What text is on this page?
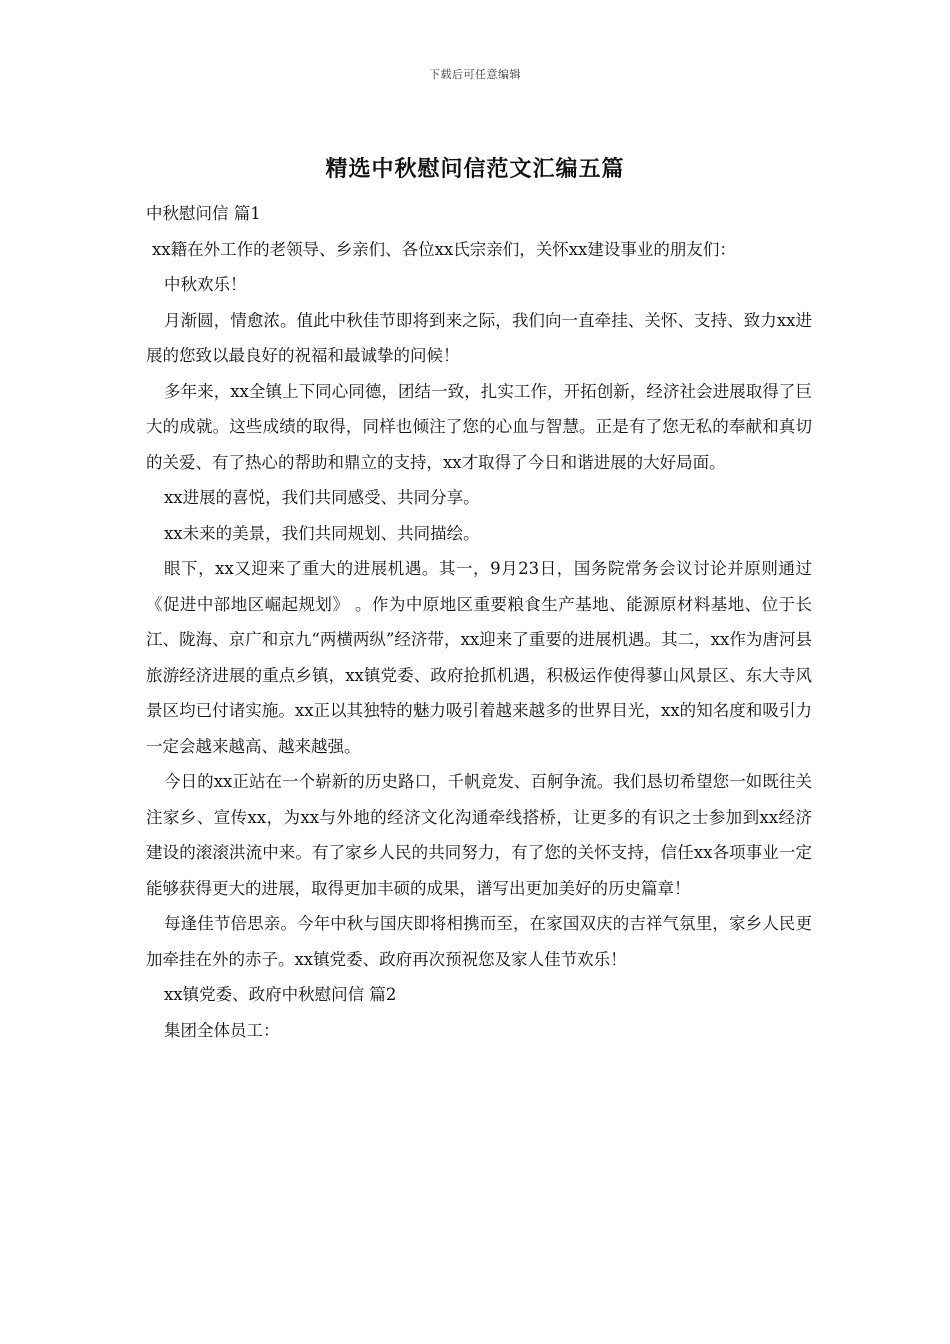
下载后可任意编辑
精选中秋慰问信范文汇编五篇

中秋慰问信 篇1

xx籍在外工作的老领导、乡亲们、各位xx氏宗亲们，关怀xx建设事业的朋友们：

中秋欢乐！

月渐圆，情愈浓。值此中秋佳节即将到来之际，我们向一直牵挂、关怀、支持、致力xx进展的您致以最良好的祝福和最诚挚的问候！

多年来，xx全镇上下同心同德，团结一致，扎实工作，开拓创新，经济社会进展取得了巨大的成就。这些成绩的取得，同样也倾注了您的心血与智慧。正是有了您无私的奉献和真切的关爱、有了热心的帮助和鼎立的支持，xx才取得了今日和谐进展的大好局面。

xx进展的喜悦，我们共同感受、共同分享。

xx未来的美景，我们共同规划、共同描绘。

眼下，xx又迎来了重大的进展机遇。其一，9月23日，国务院常务会议讨论并原则通过《促进中部地区崛起规划》 。作为中原地区重要粮食生产基地、能源原材料基地、位于长江、陇海、京广和京九“两横两纵”经济带，xx迎来了重要的进展机遇。其二，xx作为唐河县旅游经济进展的重点乡镇，xx镇党委、政府抢抓机遇，积极运作使得蓼山风景区、东大寺风景区均已付诸实施。xx正以其独特的魅力吸引着越来越多的世界目光，xx的知名度和吸引力一定会越来越高、越来越强。

今日的xx正站在一个崭新的历史路口，千帆竞发、百舸争流。我们恳切希望您一如既往关注家乡、宣传xx，为xx与外地的经济文化沟通牵线搭桥，让更多的有识之士参加到xx经济建设的滚滚洪流中来。有了家乡人民的共同努力，有了您的关怀支持，信任xx各项事业一定能够获得更大的进展，取得更加丰硕的成果，谱写出更加美好的历史篇章！

每逢佳节倍思亲。今年中秋与国庆即将相携而至，在家国双庆的吉祥气氛里，家乡人民更加牵挂在外的赤子。xx镇党委、政府再次预祝您及家人佳节欢乐！

xx镇党委、政府中秋慰问信 篇2

集团全体员工：
